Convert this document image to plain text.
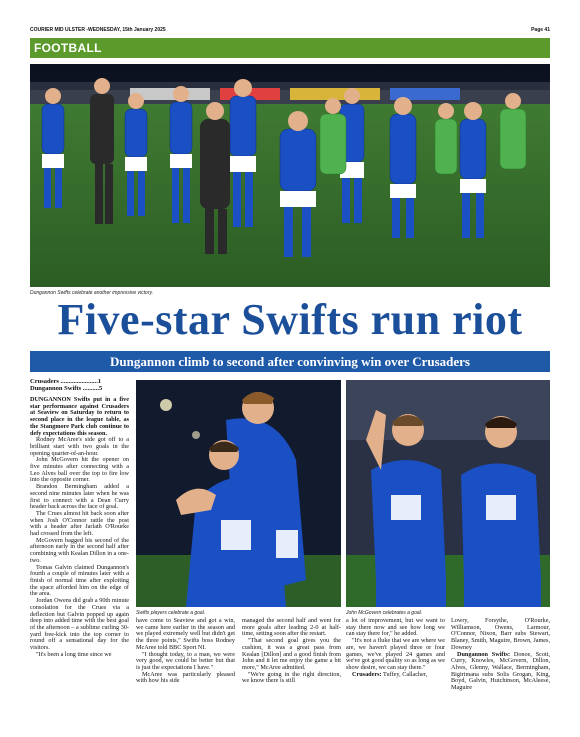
COURIER MID ULSTER -WEDNESDAY, 15th January 2025	Page 41
FOOTBALL
Dungannon Swifts celebrate another impressive victory.
Five-star Swifts run riot
Dungannon climb to second after convinving win over Crusaders
Crusaders .......................1
Dungannon Swifts ..........5

DUNGANNON Swifts put in a five star performance against Crusaders at Seaview on Saturday to return to second place in the league table, as the Stangmore Park club continue to defy expectations this season.

Rodney McAree's side got off to a brilliant start with two goals in the opening quarter-of-an-hour.

John McGovern hit the opener on five minutes after connecting with a Leo Alves ball over the top to fire low into the opposite corner.

Brandon Bermingham added a second nine minutes later when he was first to connect with a Dean Curry header back across the face of goal.

The Crues almost hit back soon after when Josh O'Connor rattle the post with a header after Jarlath O'Rourke had crossed from the left.

McGovern bagged his second of the afternoon early in the second half after combining with Kealan Dillon in a one-two.

Tomas Galvin claimed Dungannon's fourth a couple of minutes later with a finish of normal time after exploiting the space afforded him on the edge of the area.

Jordan Owens did grab a 90th minute consolation for the Crues via a deflection but Galvin popped up again deep into added time with the best goal of the afternoon – a sublime curling 30-yard free-kick into the top corner to round off a sensational day for the visitors.

"It's been a long time since we

Swifts players celebrate a goal.	John McGovern celebrates a goal.

have come to Seaview and got a win, we came here earlier in the season and we played extremely well but didn't get the three points," Swifts boss Rodney McAree told BBC Sport NI.

"I thought today, to a man, we were very good, we could be better but that is just the expectations I have."

McAree was particularly pleased with how his side

managed the second half and went for more goals after leading 2-0 at half-time, setting soon after the restart.

"That second goal gives you the cushion, it was a great pass from Kealan [Dillon] and a good finish from John and it let me enjoy the game a bit more," McAree admitted.

"We're going in the right direction, we know there is still

a lot of improvement, but we want to stay there now and see how long we can stay there for," he added.

"It's not a fluke that we are where we are, we haven't played three or four games, we've played 24 games and we've got good quality so as long as we show desire, we can stay there."

Crusaders: Tuffey, Callacher,

Lowry, Forsythe, O'Rourke, Williamson, Owens, Larmour, O'Connor, Nixon, Barr subs Stewart, Blaney, Smith, Maguire, Brown, James, Downey

Dungannon Swifts: Donoe, Scott, Curry, Knowles, McGovern, Dillon, Alves, Glenny, Wallace, Bermingham, Bigirimana subs Solis Grogan, King, Boyd, Galvin, Hutchinson, McAleese, Maguire
